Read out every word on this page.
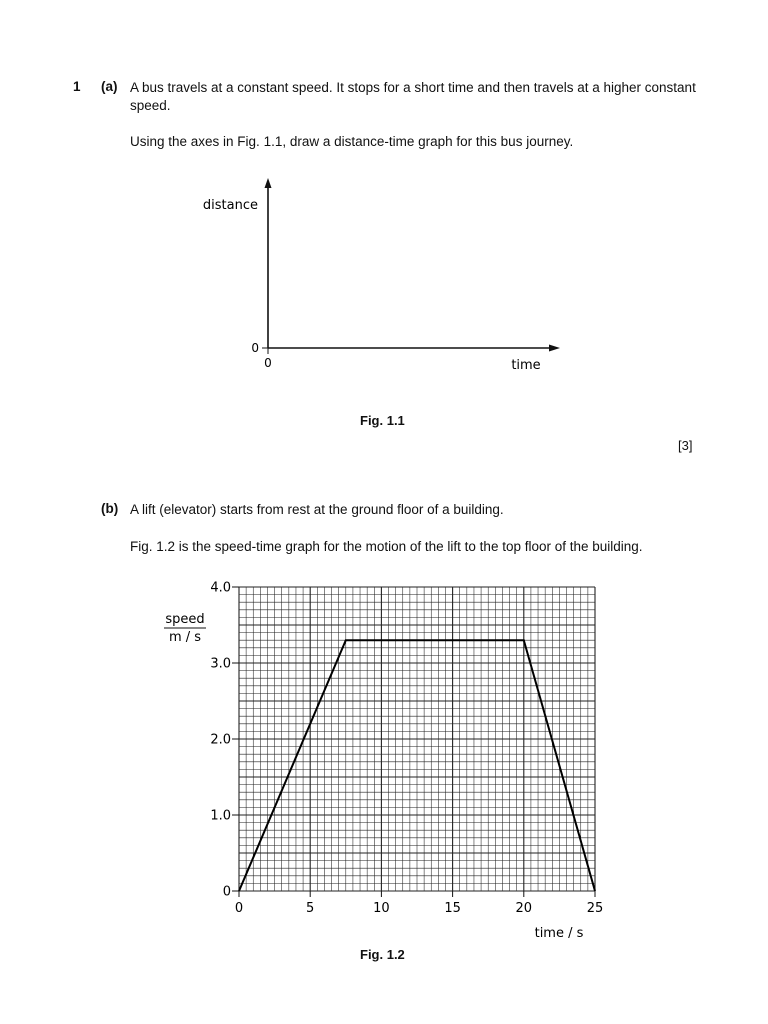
1 (a) A bus travels at a constant speed. It stops for a short time and then travels at a higher constant speed.
Using the axes in Fig. 1.1, draw a distance-time graph for this bus journey.
distance
0
0	time
Fig. 1.1
[3]
(b) A lift (elevator) starts from rest at the ground floor of a building.
Fig. 1.2 is the speed-time graph for the motion of the lift to the top floor of the building.
0	5	10	15	20	25
0
1.0
2.0
3.0
4.0
speed
m / s
time / s
Fig. 1.2
